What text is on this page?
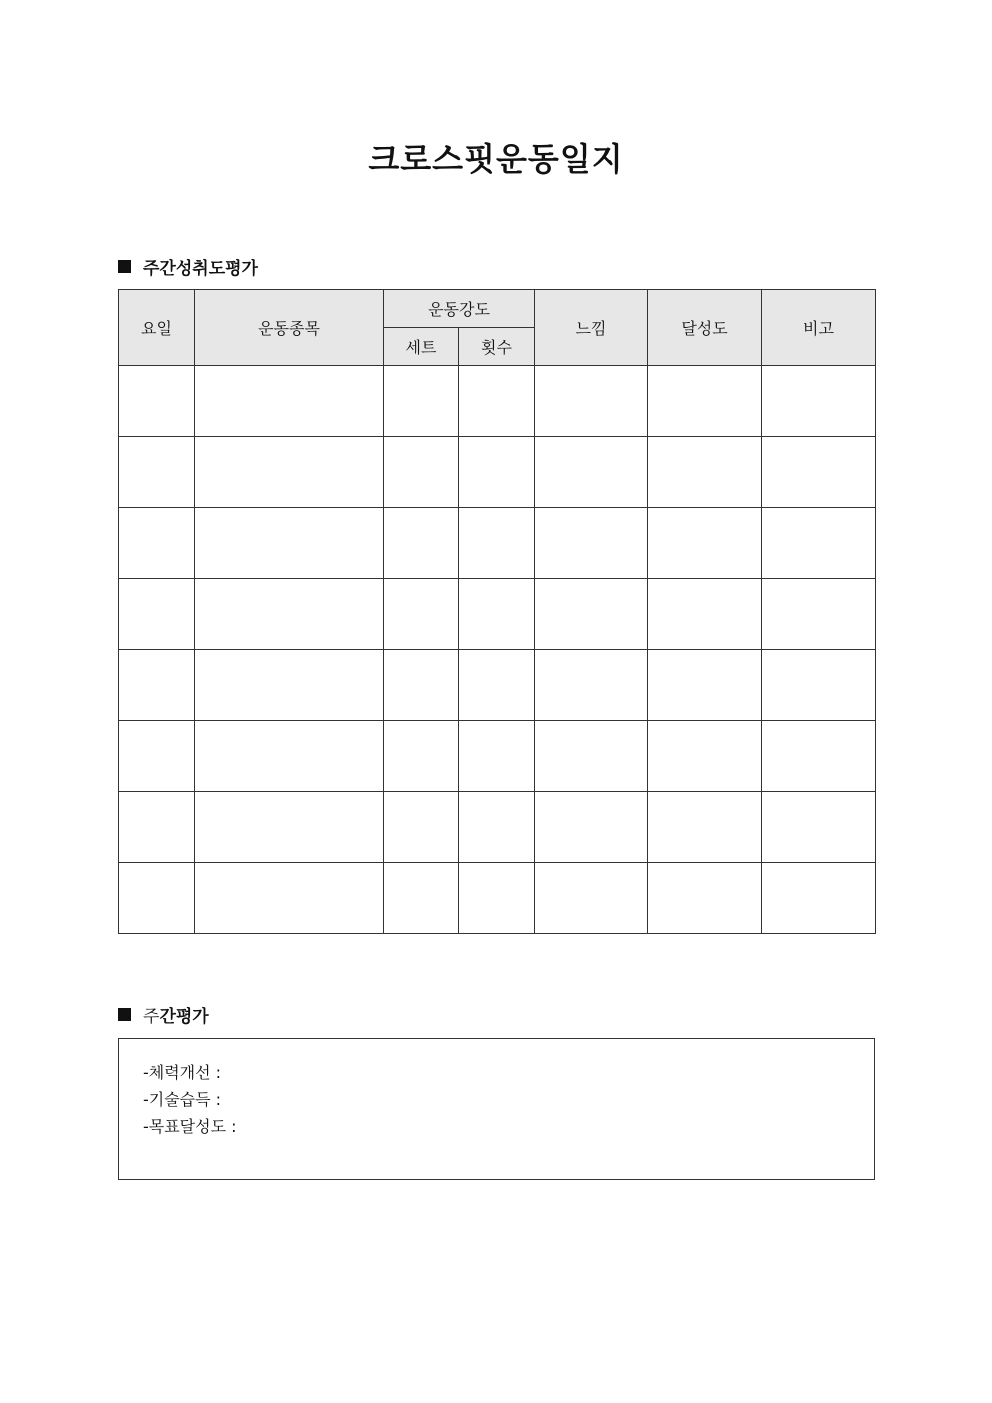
크로스핏운동일지
주간성취도평가
요일	운동종목	운동강도		느낌	달성도	비고
		세트	횟수			

주 간평가
-체력개선 :
-기술습득 :
-목표달성도 :
